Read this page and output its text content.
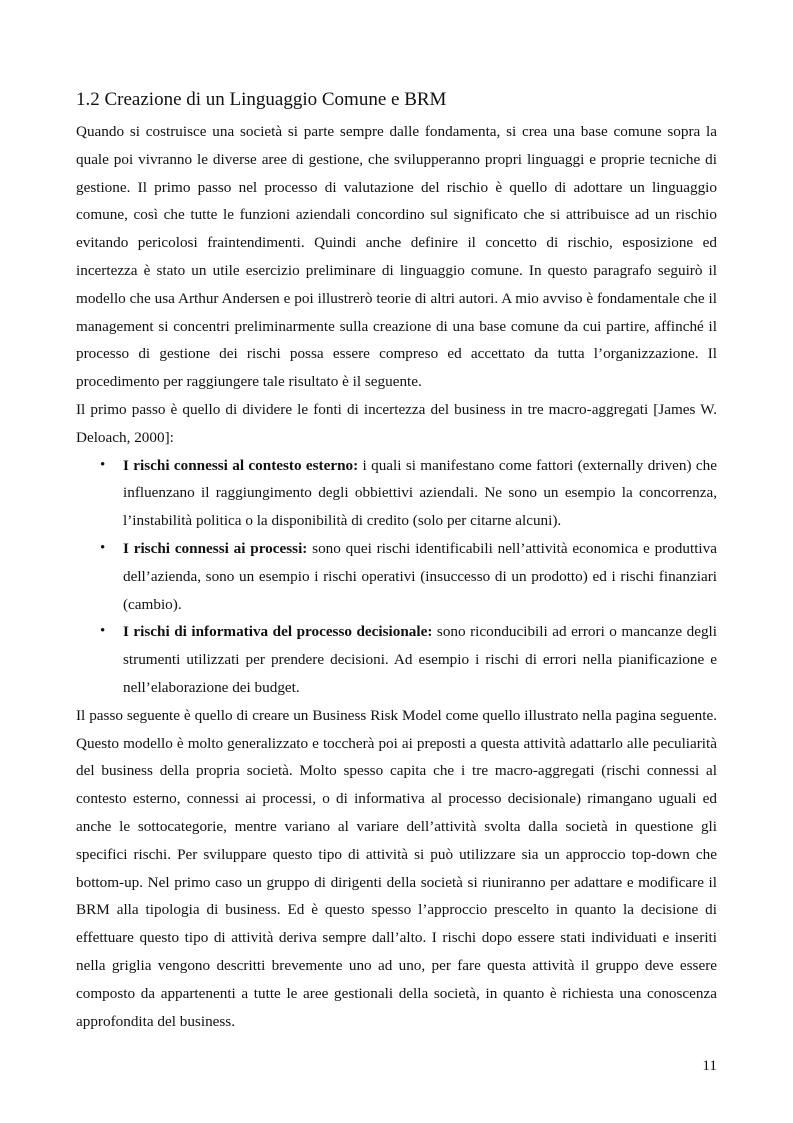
1.2 Creazione di un Linguaggio Comune e BRM

Quando si costruisce una società si parte sempre dalle fondamenta, si crea una base comune sopra la quale poi vivranno le diverse aree di gestione, che svilupperanno propri linguaggi e proprie tecniche di gestione. Il primo passo nel processo di valutazione del rischio è quello di adottare un linguaggio comune, così che tutte le funzioni aziendali concordino sul significato che si attribuisce ad un rischio evitando pericolosi fraintendimenti. Quindi anche definire il concetto di rischio, esposizione ed incertezza è stato un utile esercizio preliminare di linguaggio comune. In questo paragrafo seguirò il modello che usa Arthur Andersen e poi illustrerò teorie di altri autori. A mio avviso è fondamentale che il management si concentri preliminarmente sulla creazione di una base comune da cui partire, affinché il processo di gestione dei rischi possa essere compreso ed accettato da tutta l’organizzazione. Il procedimento per raggiungere tale risultato è il seguente.

Il primo passo è quello di dividere le fonti di incertezza del business in tre macro-aggregati [James W. Deloach, 2000]:

• I rischi connessi al contesto esterno: i quali si manifestano come fattori (externally driven) che influenzano il raggiungimento degli obbiettivi aziendali. Ne sono un esempio la concorrenza, l’instabilità politica o la disponibilità di credito (solo per citarne alcuni).
• I rischi connessi ai processi: sono quei rischi identificabili nell’attività economica e produttiva dell’azienda, sono un esempio i rischi operativi (insuccesso di un prodotto) ed i rischi finanziari (cambio).
• I rischi di informativa del processo decisionale: sono riconducibili ad errori o mancanze degli strumenti utilizzati per prendere decisioni. Ad esempio i rischi di errori nella pianificazione e nell’elaborazione dei budget.

Il passo seguente è quello di creare un Business Risk Model come quello illustrato nella pagina seguente. Questo modello è molto generalizzato e toccherà poi ai preposti a questa attività adattarlo alle peculiarità del business della propria società. Molto spesso capita che i tre macro-aggregati (rischi connessi al contesto esterno, connessi ai processi, o di informativa al processo decisionale) rimangano uguali ed anche le sottocategorie, mentre variano al variare dell’attività svolta dalla società in questione gli specifici rischi. Per sviluppare questo tipo di attività si può utilizzare sia un approccio top-down che bottom-up. Nel primo caso un gruppo di dirigenti della società si riuniranno per adattare e modificare il BRM alla tipologia di business. Ed è questo spesso l’approccio prescelto in quanto la decisione di effettuare questo tipo di attività deriva sempre dall’alto. I rischi dopo essere stati individuati e inseriti nella griglia vengono descritti brevemente uno ad uno, per fare questa attività il gruppo deve essere composto da appartenenti a tutte le aree gestionali della società, in quanto è richiesta una conoscenza approfondita del business.

11
